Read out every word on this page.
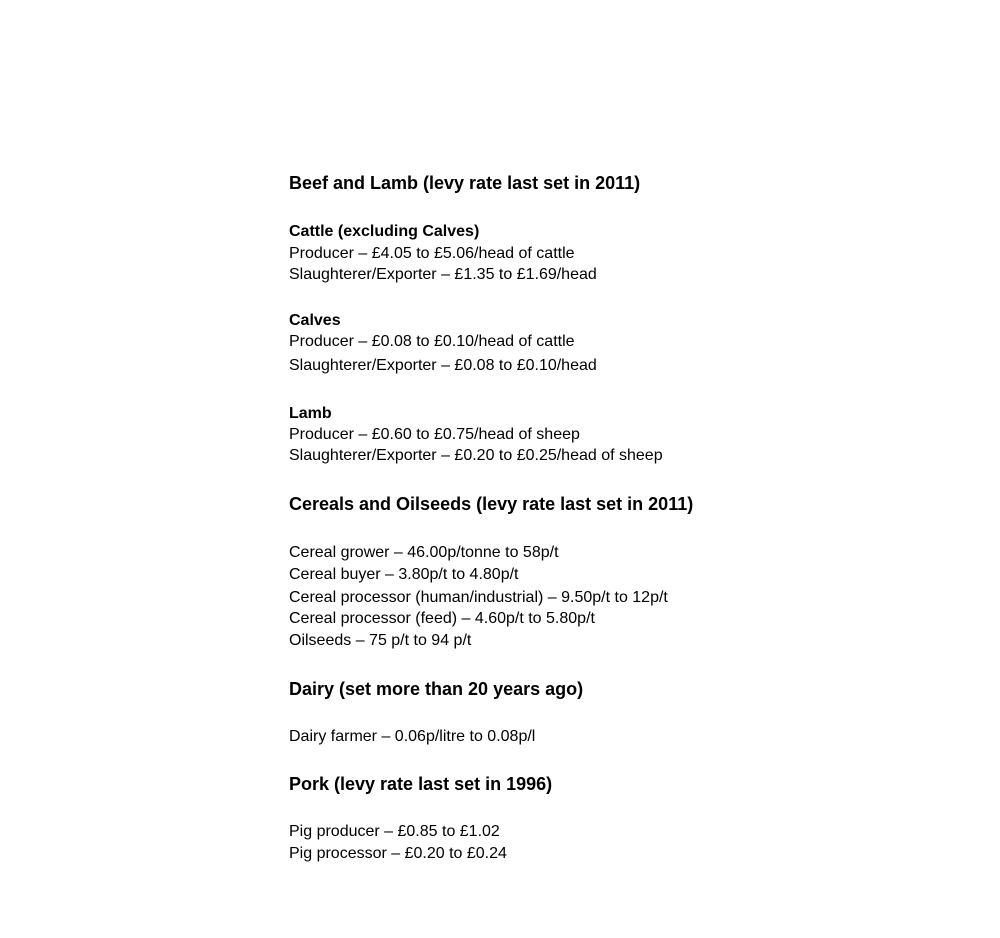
Beef and Lamb (levy rate last set in 2011)
Cattle (excluding Calves)

Producer – £4.05 to £5.06/head of cattle

Slaughterer/Exporter – £1.35 to £1.69/head

Calves

Producer – £0.08 to £0.10/head of cattle

Slaughterer/Exporter – £0.08 to £0.10/head

Lamb

Producer – £0.60 to £0.75/head of sheep

Slaughterer/Exporter – £0.20 to £0.25/head of sheep

Cereals and Oilseeds (levy rate last set in 2011)

Cereal grower – 46.00p/tonne to 58p/t

Cereal buyer – 3.80p/t to 4.80p/t

Cereal processor (human/industrial) – 9.50p/t to 12p/t

Cereal processor (feed) – 4.60p/t to 5.80p/t

Oilseeds – 75 p/t to 94 p/t

Dairy (set more than 20 years ago)

Dairy farmer – 0.06p/litre to 0.08p/l

Pork (levy rate last set in 1996)

Pig producer – £0.85 to £1.02

Pig processor – £0.20 to £0.24
